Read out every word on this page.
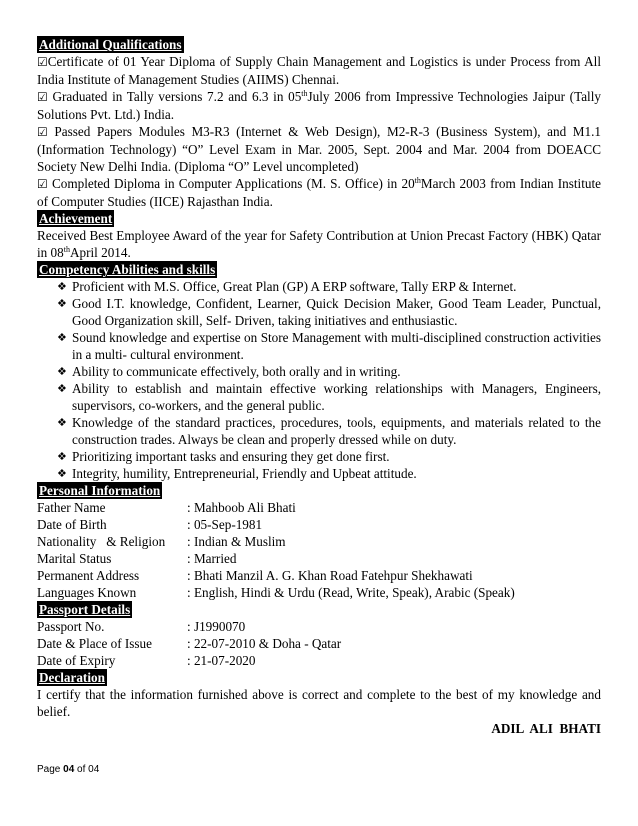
Additional Qualifications

☑Certificate of 01 Year Diploma of Supply Chain Management and Logistics is under Process from All India Institute of Management Studies (AIIMS) Chennai.

☑ Graduated in Tally versions 7.2 and 6.3 in 05thJuly 2006 from Impressive Technologies Jaipur (Tally Solutions Pvt. Ltd.) India.

☑ Passed Papers Modules M3-R3 (Internet & Web Design), M2-R-3 (Business System), and M1.1 (Information Technology) “O” Level Exam in Mar. 2005, Sept. 2004 and Mar. 2004 from DOEACC Society New Delhi India. (Diploma “O” Level uncompleted)

☑ Completed Diploma in Computer Applications (M. S. Office) in 20thMarch 2003 from Indian Institute of Computer Studies (IICE) Rajasthan India.

Achievement

Received Best Employee Award of the year for Safety Contribution at Union Precast Factory (HBK) Qatar in 08thApril 2014.

Competency Abilities and skills
❖ Proficient with M.S. Office, Great Plan (GP) A ERP software, Tally ERP & Internet.
❖ Good I.T. knowledge, Confident, Learner, Quick Decision Maker, Good Team Leader, Punctual, Good Organization skill, Self- Driven, taking initiatives and enthusiastic.
❖ Sound knowledge and expertise on Store Management with multi-disciplined construction activities in a multi- cultural environment.
❖ Ability to communicate effectively, both orally and in writing.
❖ Ability to establish and maintain effective working relationships with Managers, Engineers, supervisors, co-workers, and the general public.
❖ Knowledge of the standard practices, procedures, tools, equipments, and materials related to the construction trades. Always be clean and properly dressed while on duty.
❖ Prioritizing important tasks and ensuring they get done first.
❖ Integrity, humility, Entrepreneurial, Friendly and Upbeat attitude.
Personal Information
Father Name	: Mahboob Ali Bhati
Date of Birth	: 05-Sep-1981
Nationality   & Religion	: Indian & Muslim
Marital Status	: Married
Permanent Address	: Bhati Manzil A. G. Khan Road Fatehpur Shekhawati
Languages Known	: English, Hindi & Urdu (Read, Write, Speak), Arabic (Speak)
Passport Details
Passport No.	: J1990070
Date & Place of Issue	: 22-07-2010 & Doha - Qatar
Date of Expiry	: 21-07-2020
Declaration

I certify that the information furnished above is correct and complete to the best of my knowledge and belief.

ADIL  ALI  BHATI

Page 04 of 04
